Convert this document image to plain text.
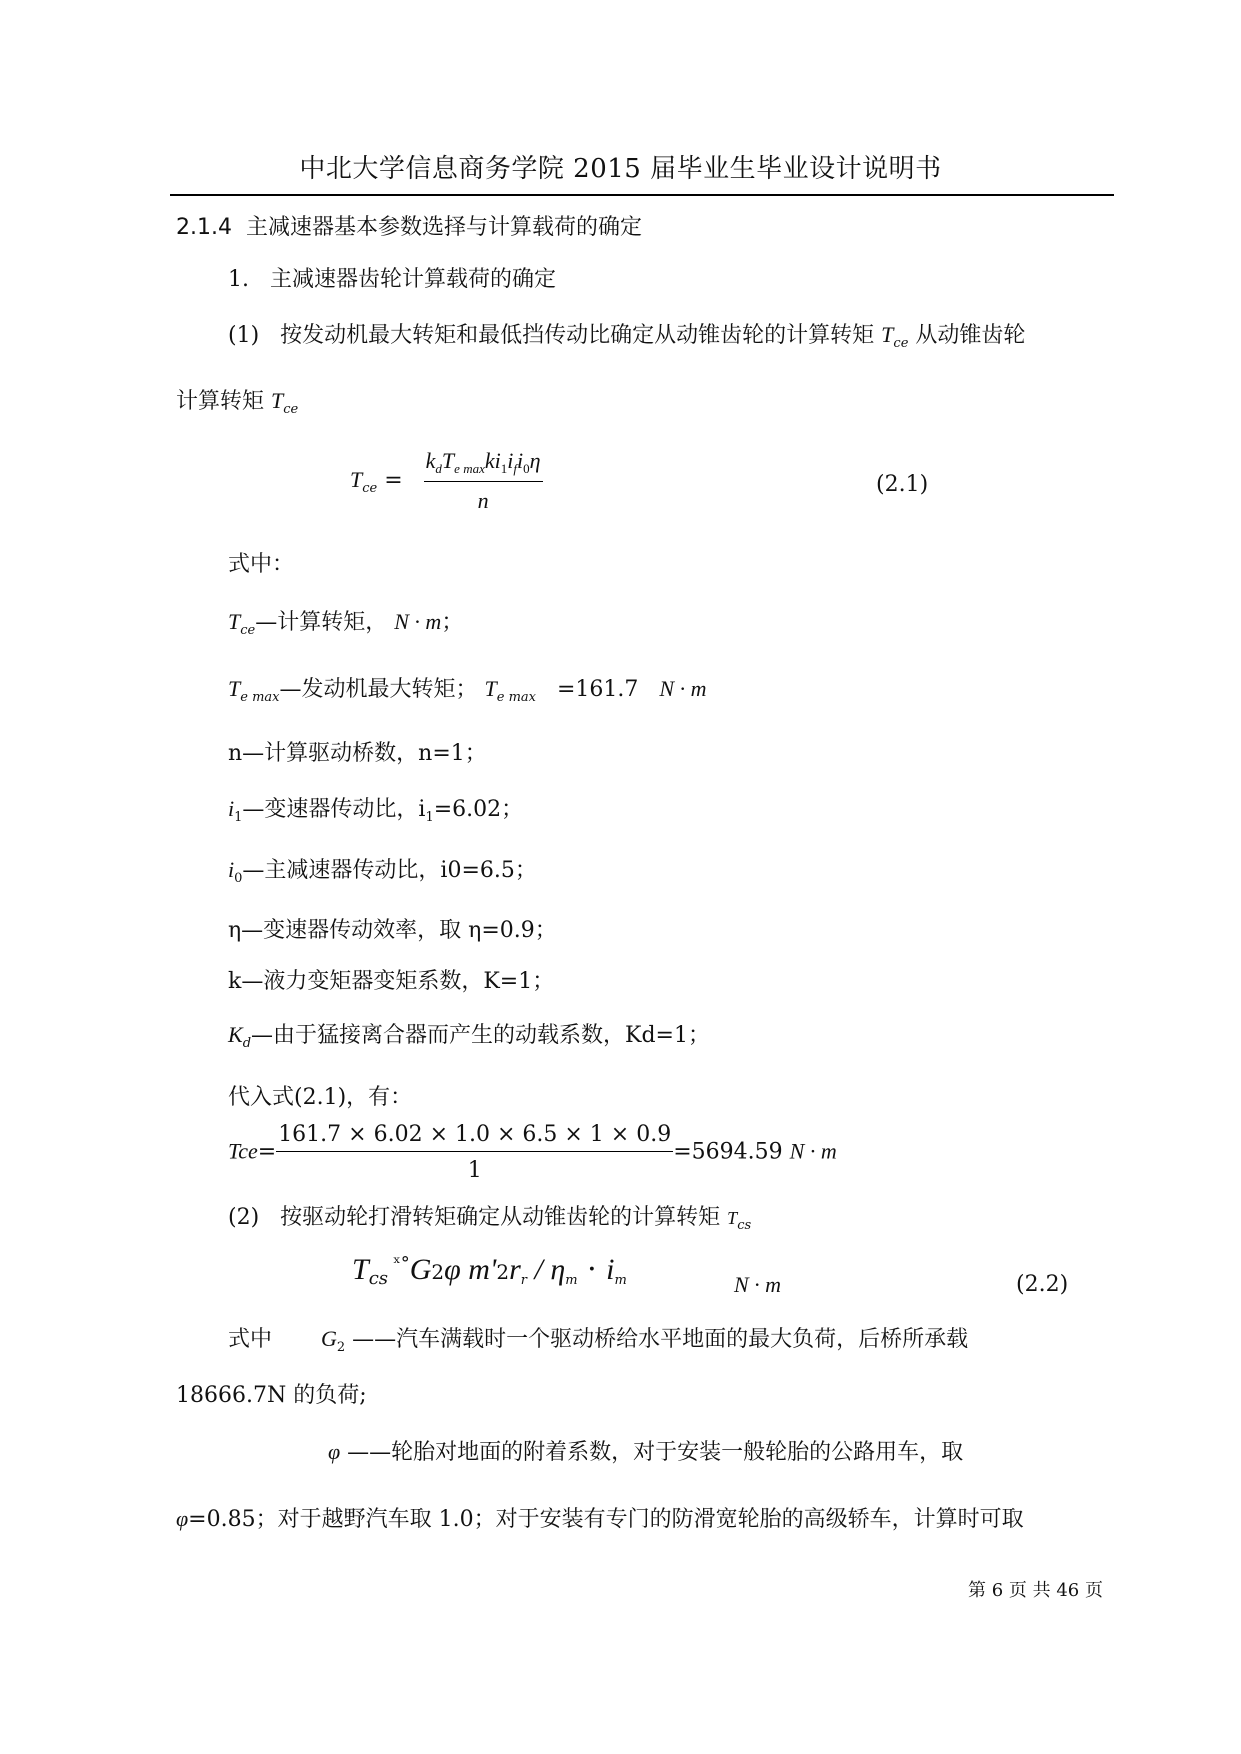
中北大学信息商务学院 2015 届毕业生毕业设计说明书
2.1.4 主减速器基本参数选择与计算载荷的确定
1. 主减速器齿轮计算载荷的确定
(1) 按发动机最大转矩和最低挡传动比确定从动锥齿轮的计算转矩 $T_{ce}$ 从动锥齿轮
计算转矩 $T_{ce}$
$T_{ce} = \frac{k_dT_{e max}ki_1i_fi_0\eta}{n}$	(2.1)
式中：
$T_{ce}—$计算转矩， N · m；
$T_{e max}—$发动机最大转矩； $T_{e max} =161.7$ N · m
n—计算驱动桥数，n=1；
$i_1—$变速器传动比，$i_1=6.02$；
$i_0—$主减速器传动比，i0=6.5；
η—变速器传动效率，取 η=0.9；
k—液力变矩器变矩系数，K=1；
$K_d—$由于猛接离合器而产生的动载系数，Kd=1；
代入式(2.1)，有：
$Tce= \frac{161.7 \times 6.02 \times 1.0 \times 6.5 \times 1 \times 0.9}{1} =5694.59$ N · m
(2) 按驱动轮打滑转矩确定从动锥齿轮的计算转矩 $T_{cs}$
Tcs ˣ°G2φ $m'2r_r / \eta_m \cdot i_m$	N · m	(2.2)
式中 $G_2$ ——汽车满载时一个驱动桥给水平地面的最大负荷，后桥所承载
18666.7N 的负荷;
φ ——轮胎对地面的附着系数，对于安装一般轮胎的公路用车，取
φ=0.85；对于越野汽车取 1.0；对于安装有专门的防滑宽轮胎的高级轿车，计算时可取
第 6 页 共 46 页
